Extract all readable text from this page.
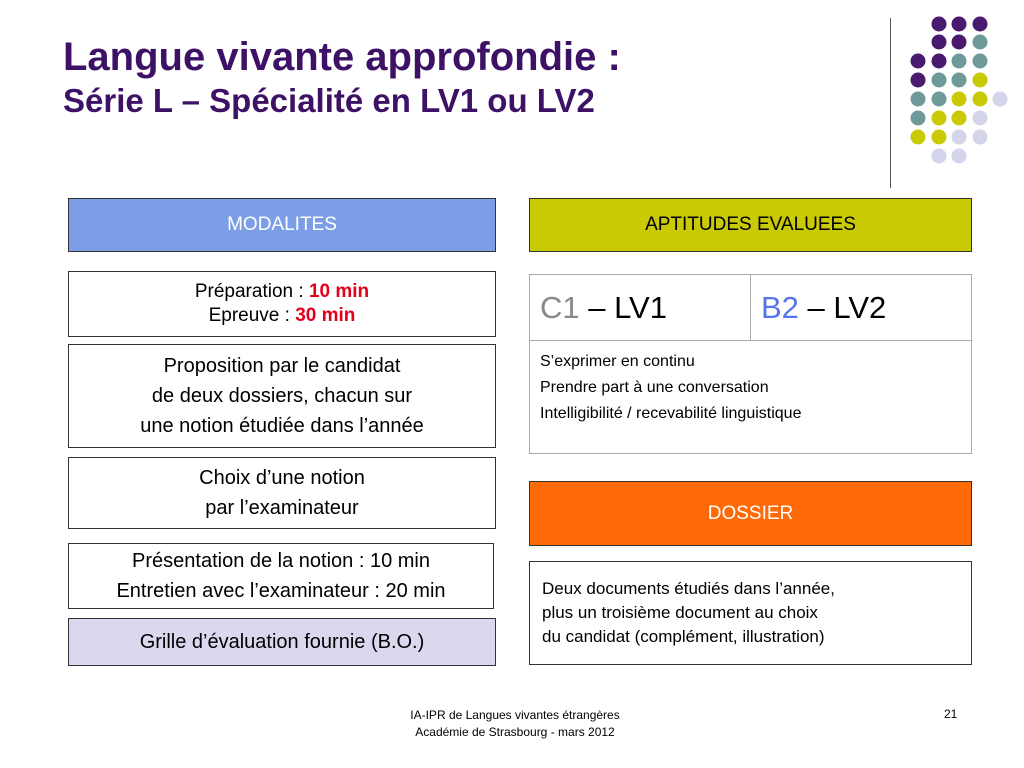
Langue vivante approfondie :
Série L – Spécialité en LV1 ou LV2
MODALITES
Préparation : 10 min
Epreuve : 30 min
Proposition par le candidat
de deux dossiers, chacun sur
une notion étudiée dans l’année
Choix d’une notion
par l’examinateur
Présentation de la notion : 10 min
Entretien avec l’examinateur : 20 min
Grille d’évaluation fournie (B.O.)
APTITUDES EVALUEES
C1 – LV1	B2 – LV2
S’exprimer en continu
Prendre part à une conversation
Intelligibilité / recevabilité linguistique
DOSSIER
Deux documents étudiés dans l’année,
plus un troisième document au choix
du candidat (complément, illustration)
IA-IPR de Langues vivantes étrangères
Académie de Strasbourg - mars 2012
21
